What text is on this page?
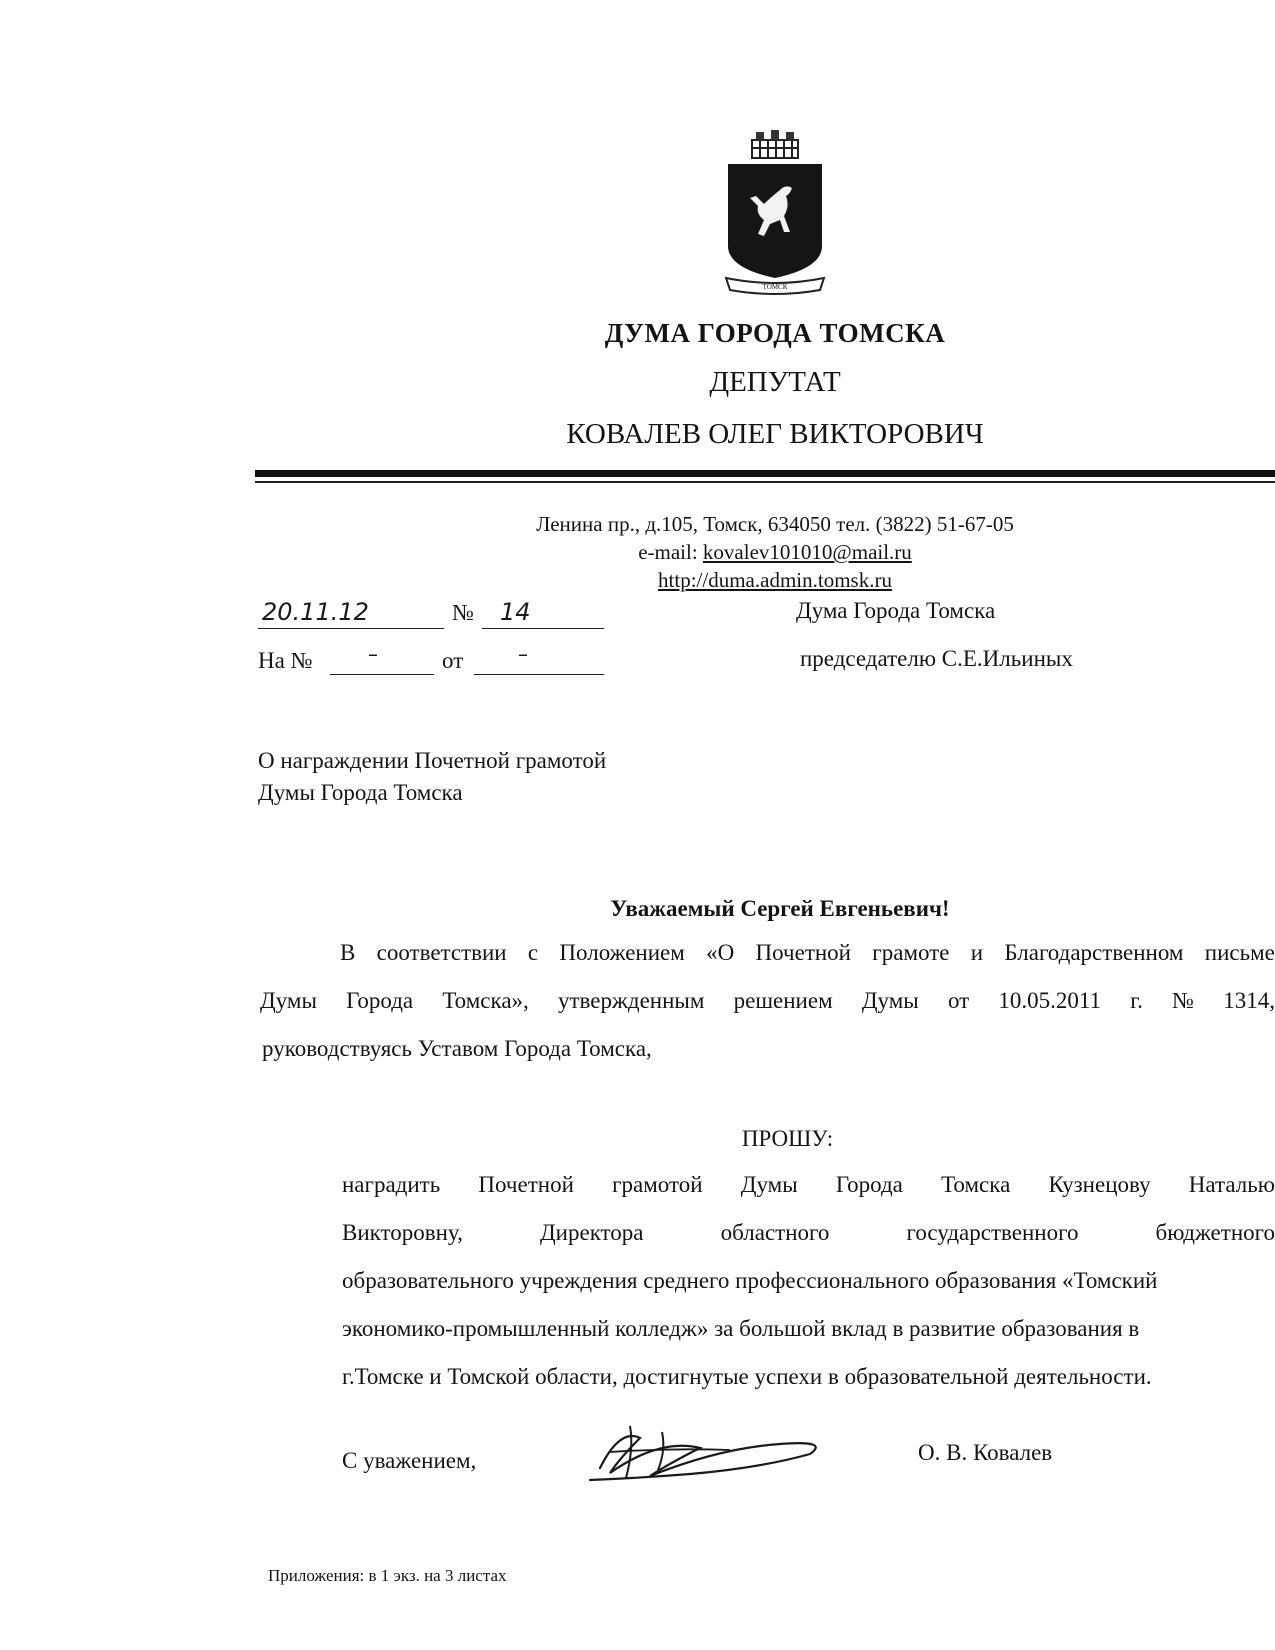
ТОМСК
ДУМА ГОРОДА ТОМСКА
ДЕПУТАТ
КОВАЛЕВ ОЛЕГ ВИКТОРОВИЧ
Ленина пр., д.105, Томск, 634050 тел. (3822) 51-67-05
e-mail: kovalev101010@mail.ru
http://duma.admin.tomsk.ru
20.11.12	№ 14
На №	–	от	–
Дума Города Томска
председателю С.Е.Ильиных
О награждении Почетной грамотой
Думы Города Томска
Уважаемый Сергей Евгеньевич!
В соответствии с Положением «О Почетной грамоте и Благодарственном письме
Думы Города Томска», утвержденным решением Думы от 10.05.2011 г. № 1314,
руководствуясь Уставом Города Томска,
ПРОШУ:
наградить Почетной грамотой Думы Города Томска Кузнецову Наталью
Викторовну,	Директора	областного	государственного	бюджетного
образовательного учреждения среднего профессионального образования «Томский
экономико-промышленный колледж» за большой вклад в развитие образования в
г.Томске и Томской области, достигнутые успехи в образовательной деятельности.
С уважением,	О. В. Ковалев
Приложения: в 1 экз. на 3 листах
